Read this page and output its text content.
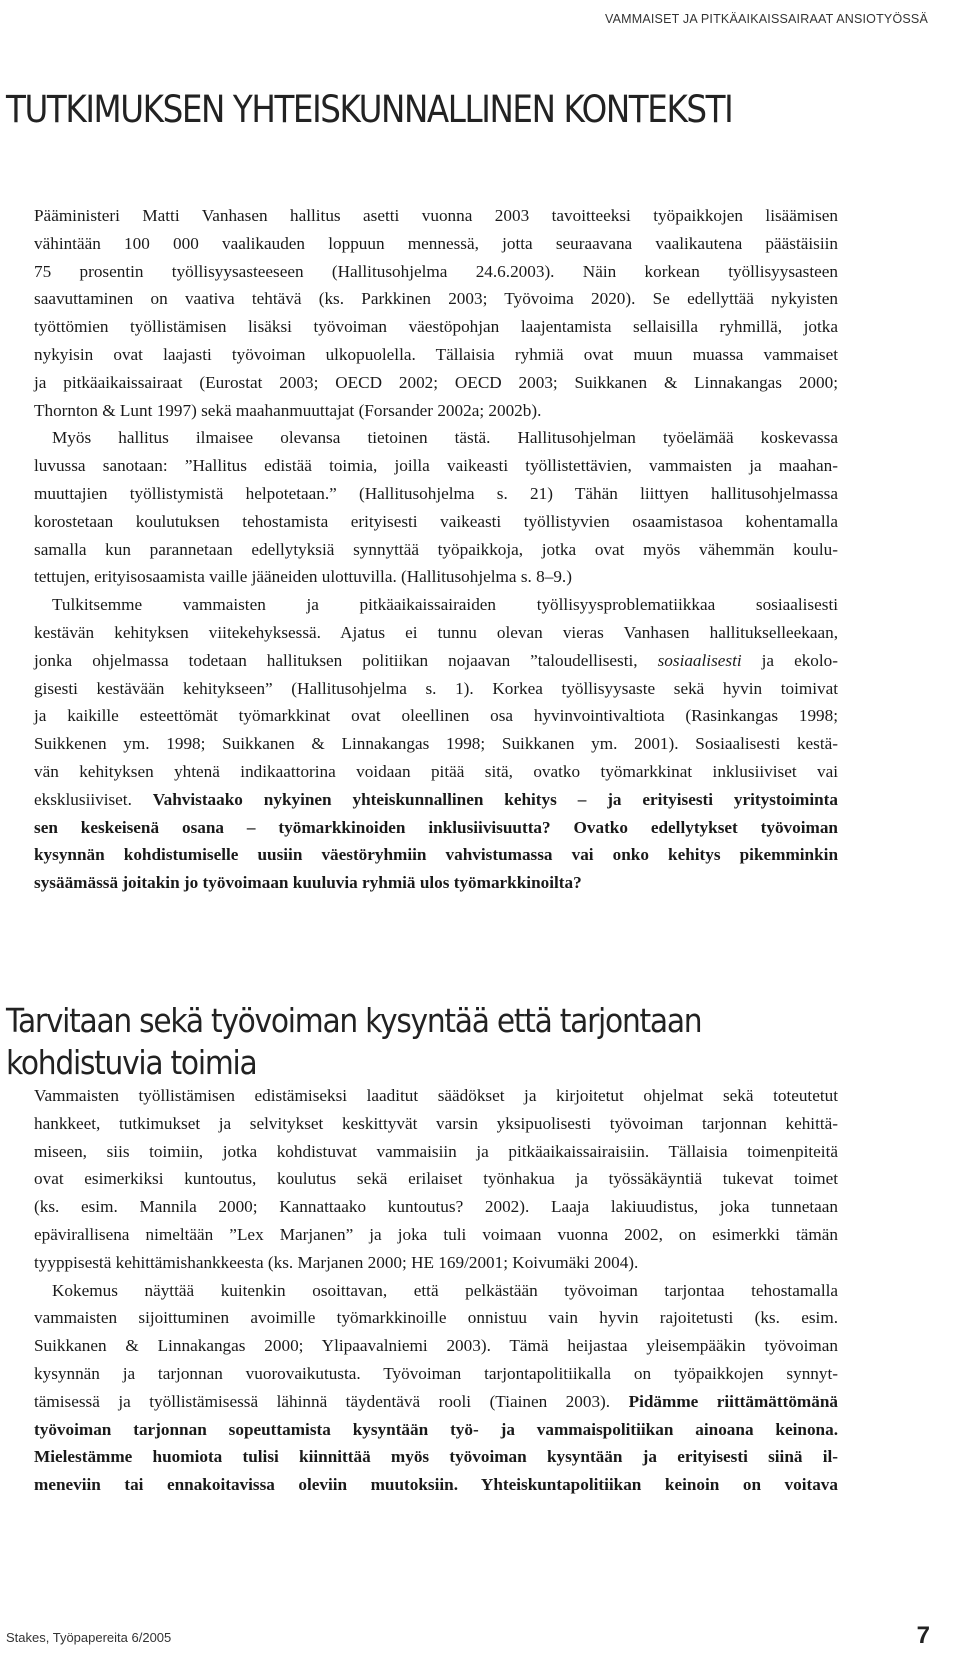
VAMMAISET JA PITKÄAIKAISSAIRAAT ANSIOTYÖSSÄ
TUTKIMUKSEN YHTEISKUNNALLINEN KONTEKSTI
Pääministeri Matti Vanhasen hallitus asetti vuonna 2003 tavoitteeksi työpaikkojen lisäämisen
vähintään 100 000 vaalikauden loppuun mennessä, jotta seuraavana vaalikautena päästäisiin
75 prosentin työllisyysasteeseen (Hallitusohjelma 24.6.2003). Näin korkean työllisyysasteen
saavuttaminen on vaativa tehtävä (ks. Parkkinen 2003; Työvoima 2020). Se edellyttää nykyisten
työttömien työllistämisen lisäksi työvoiman väestöpohjan laajentamista sellaisilla ryhmillä, jotka
nykyisin ovat laajasti työvoiman ulkopuolella. Tällaisia ryhmiä ovat muun muassa vammaiset
ja pitkäaikaissairaat (Eurostat 2003; OECD 2002; OECD 2003; Suikkanen & Linnakangas 2000;
Thornton & Lunt 1997) sekä maahanmuuttajat (Forsander 2002a; 2002b).
Myös hallitus ilmaisee olevansa tietoinen tästä. Hallitusohjelman työelämää koskevassa
luvussa sanotaan: ”Hallitus edistää toimia, joilla vaikeasti työllistettävien, vammaisten ja maahan-
muuttajien työllistymistä helpotetaan.” (Hallitusohjelma s. 21) Tähän liittyen hallitusohjelmassa
korostetaan koulutuksen tehostamista erityisesti vaikeasti työllistyvien osaamistasoa kohentamalla
samalla kun parannetaan edellytyksiä synnyttää työpaikkoja, jotka ovat myös vähemmän koulu-
tettujen, erityisosaamista vaille jääneiden ulottuvilla. (Hallitusohjelma s. 8–9.)
Tulkitsemme vammaisten ja pitkäaikaissairaiden työllisyysproblematiikkaa sosiaalisesti
kestävän kehityksen viitekehyksessä. Ajatus ei tunnu olevan vieras Vanhasen hallitukselleekaan,
jonka ohjelmassa todetaan hallituksen politiikan nojaavan ”taloudellisesti, sosiaalisesti ja ekolo-
gisesti kestävään kehitykseen” (Hallitusohjelma s. 1). Korkea työllisyysaste sekä hyvin toimivat
ja kaikille esteettömät työmarkkinat ovat oleellinen osa hyvinvointivaltiota (Rasinkangas 1998;
Suikkenen ym. 1998; Suikkanen & Linnakangas 1998; Suikkanen ym. 2001). Sosiaalisesti kestä-
vän kehityksen yhtenä indikaattorina voidaan pitää sitä, ovatko työmarkkinat inklusiiviset vai
eksklusiiviset. Vahvistaako nykyinen yhteiskunnallinen kehitys – ja erityisesti yritystoiminta
sen keskeisenä osana – työmarkkinoiden inklusiivisuutta? Ovatko edellytykset työvoiman
kysynnän kohdistumiselle uusiin väestöryhmiin vahvistumassa vai onko kehitys pikemminkin
sysäämässä joitakin jo työvoimaan kuuluvia ryhmiä ulos työmarkkinoilta?
Tarvitaan sekä työvoiman kysyntää että tarjontaan
kohdistuvia toimia
Vammaisten työllistämisen edistämiseksi laaditut säädökset ja kirjoitetut ohjelmat sekä toteutetut
hankkeet, tutkimukset ja selvitykset keskittyvät varsin yksipuolisesti työvoiman tarjonnan kehittä-
miseen, siis toimiin, jotka kohdistuvat vammaisiin ja pitkäaikaissairaisiin. Tällaisia toimenpiteitä
ovat esimerkiksi kuntoutus, koulutus sekä erilaiset työnhakua ja työssäkäyntiä tukevat toimet
(ks. esim. Mannila 2000; Kannattaako kuntoutus? 2002). Laaja lakiuudistus, joka tunnetaan
epävirallisena nimeltään ”Lex Marjanen” ja joka tuli voimaan vuonna 2002, on esimerkki tämän
tyyppisestä kehittämishankkeesta (ks. Marjanen 2000; HE 169/2001; Koivumäki 2004).
Kokemus näyttää kuitenkin osoittavan, että pelkästään työvoiman tarjontaa tehostamalla
vammaisten sijoittuminen avoimille työmarkkinoille onnistuu vain hyvin rajoitetusti (ks. esim.
Suikkanen & Linnakangas 2000; Ylipaavalniemi 2003). Tämä heijastaa yleisempääkin työvoiman
kysynnän ja tarjonnan vuorovaikutusta. Työvoiman tarjontapolitiikalla on työpaikkojen synnyt-
tämisessä ja työllistämisessä lähinnä täydentävä rooli (Tiainen 2003). Pidämme riittämättömänä
työvoiman tarjonnan sopeuttamista kysyntään työ- ja vammaispolitiikan ainoana keinona.
Mielestämme huomiota tulisi kiinnittää myös työvoiman kysyntään ja erityisesti siinä il-
meneviin tai ennakoitavissa oleviin muutoksiin. Yhteiskuntapolitiikan keinoin on voitava
Stakes, Työpapereita 6/2005	7
